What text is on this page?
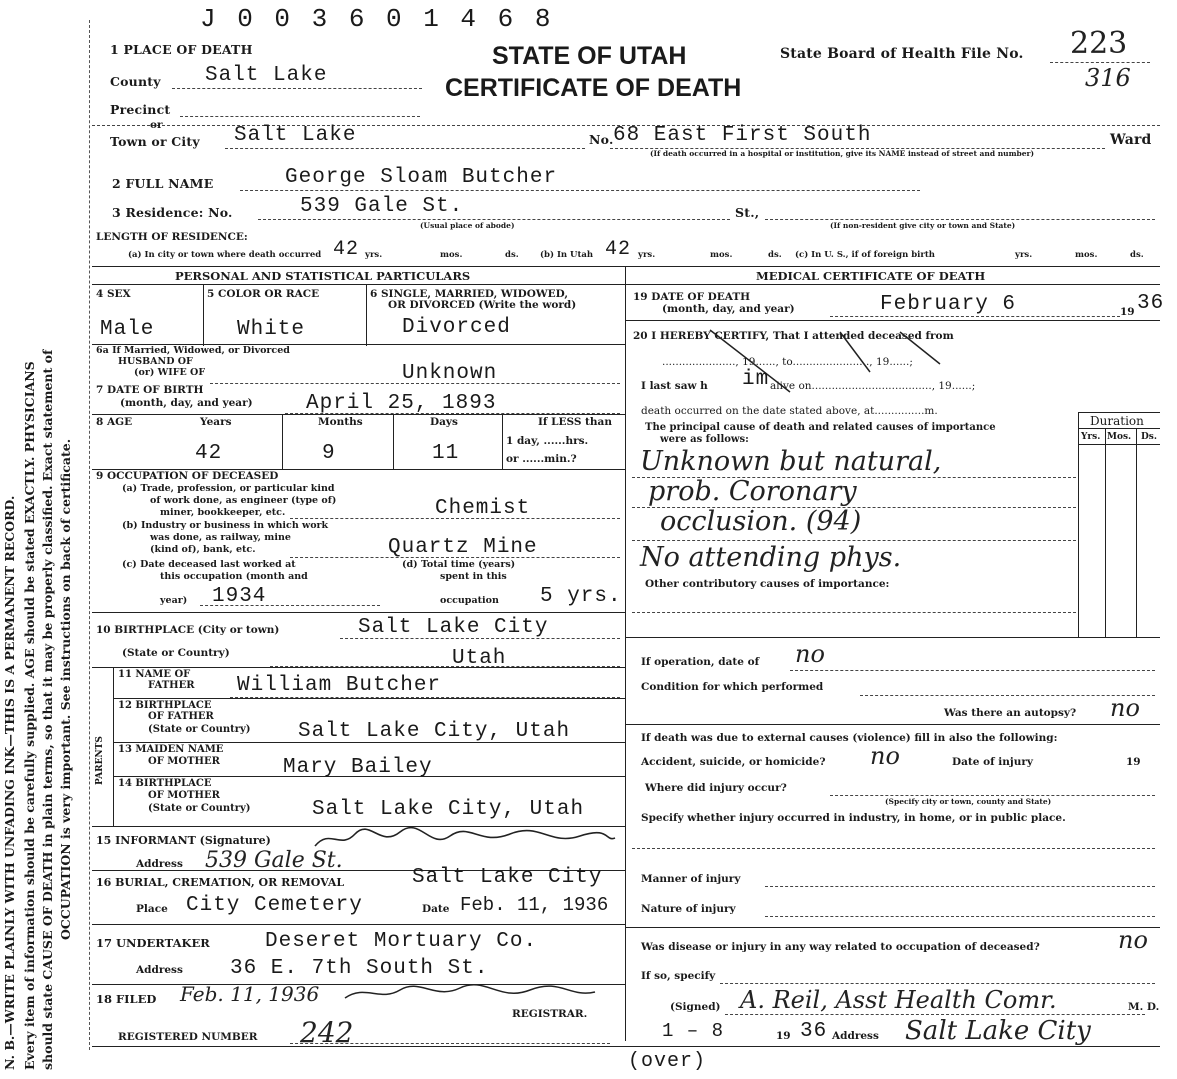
N. B.—WRITE PLAINLY WITH UNFADING INK—THIS IS A PERMANENT RECORD. Every item of information should be carefully supplied. AGE should be stated EXACTLY. PHYSICIANS should state CAUSE OF DEATH in plain terms, so that it may be properly classified. Exact statement of OCCUPATION is very important. See instructions on back of certificate.
J 0 0 3 6 0 1 4 6 8
STATE OF UTAH
CERTIFICATE OF DEATH
State Board of Health File No. 223
316
1 PLACE OF DEATH
County Salt Lake
Precinct
or
Town or City Salt Lake	No. 68 East First South	Ward
(If death occurred in a hospital or institution, give its NAME instead of street and number)
2 FULL NAME	George Sloam Butcher
3 Residence: No.	539 Gale St.
(Usual place of abode)
St.,
(If non-resident give city or town and State)
LENGTH OF RESIDENCE:
(a) In city or town where death occurred 42 yrs.	mos.	ds.	(b) In Utah 42 yrs.	mos.	ds. (c) In U. S., if of foreign birth	yrs.	mos.	ds.
PERSONAL AND STATISTICAL PARTICULARS
4 SEX	5 COLOR OR RACE	6 SINGLE, MARRIED, WIDOWED,
OR DIVORCED (Write the word)
Male	White	Divorced
6a If Married, Widowed, or Divorced
HUSBAND OF
(or) WIFE OF	Unknown
7 DATE OF BIRTH
(month, day, and year)	April 25, 1893
8 AGE	Years	Months	Days	If LESS than
1 day, ......hrs.
or ......min.?
42	9	11
9 OCCUPATION OF DECEASED
(a) Trade, profession, or particular kind
of work done, as engineer (type of)
miner, bookkeeper, etc.	Chemist
(b) Industry or business in which work
was done, as railway, mine
(kind of), bank, etc.	Quartz Mine
(c) Date deceased last worked at
this occupation (month and
year) 1934
(d) Total time (years)
spent in this
occupation 5 yrs.
10 BIRTHPLACE (City or town)	Salt Lake City
(State or Country)	Utah
PARENTS
11 NAME OF
FATHER William Butcher
12 BIRTHPLACE
OF FATHER
(State or Country) Salt Lake City, Utah
13 MAIDEN NAME
OF MOTHER	Mary Bailey
14 BIRTHPLACE
OF MOTHER
(State or Country)	Salt Lake City, Utah
15 INFORMANT (Signature)
Address 539 Gale St.
16 BURIAL, CREMATION, OR REMOVAL	Salt Lake City
Place City Cemetery	Date Feb. 11, 1936
17 UNDERTAKER	Deseret Mortuary Co.
Address 36 E. 7th South St.
18 FILED Feb. 11, 1936
REGISTRAR.
REGISTERED NUMBER 242
MEDICAL CERTIFICATE OF DEATH
19 DATE OF DEATH
(month, day, and year)	February 6	19 36
20 I HEREBY CERTIFY, That I attended deceased from
......................, 19......, to......................., 19......;
I last saw h im alive on...................................., 19......;
death occurred on the date stated above, at...............m.
The principal cause of death and related causes of importance
were as follows:
Duration
Yrs. Mos. Ds.
Unknown but natural,
prob. Coronary
occlusion. (94)
No attending phys.
Other contributory causes of importance:
If operation, date of no
Condition for which performed
Was there an autopsy? no
If death was due to external causes (violence) fill in also the following:
Accident, suicide, or homicide? no	Date of injury	19
Where did injury occur?
(Specify city or town, county and State)
Specify whether injury occurred in industry, in home, or in public place.
Manner of injury
Nature of injury
Was disease or injury in any way related to occupation of deceased?	no
If so, specify
(Signed) A. Reil, Asst Health Comr.	M. D.
1 – 8	19 36 Address Salt Lake City
(over)
